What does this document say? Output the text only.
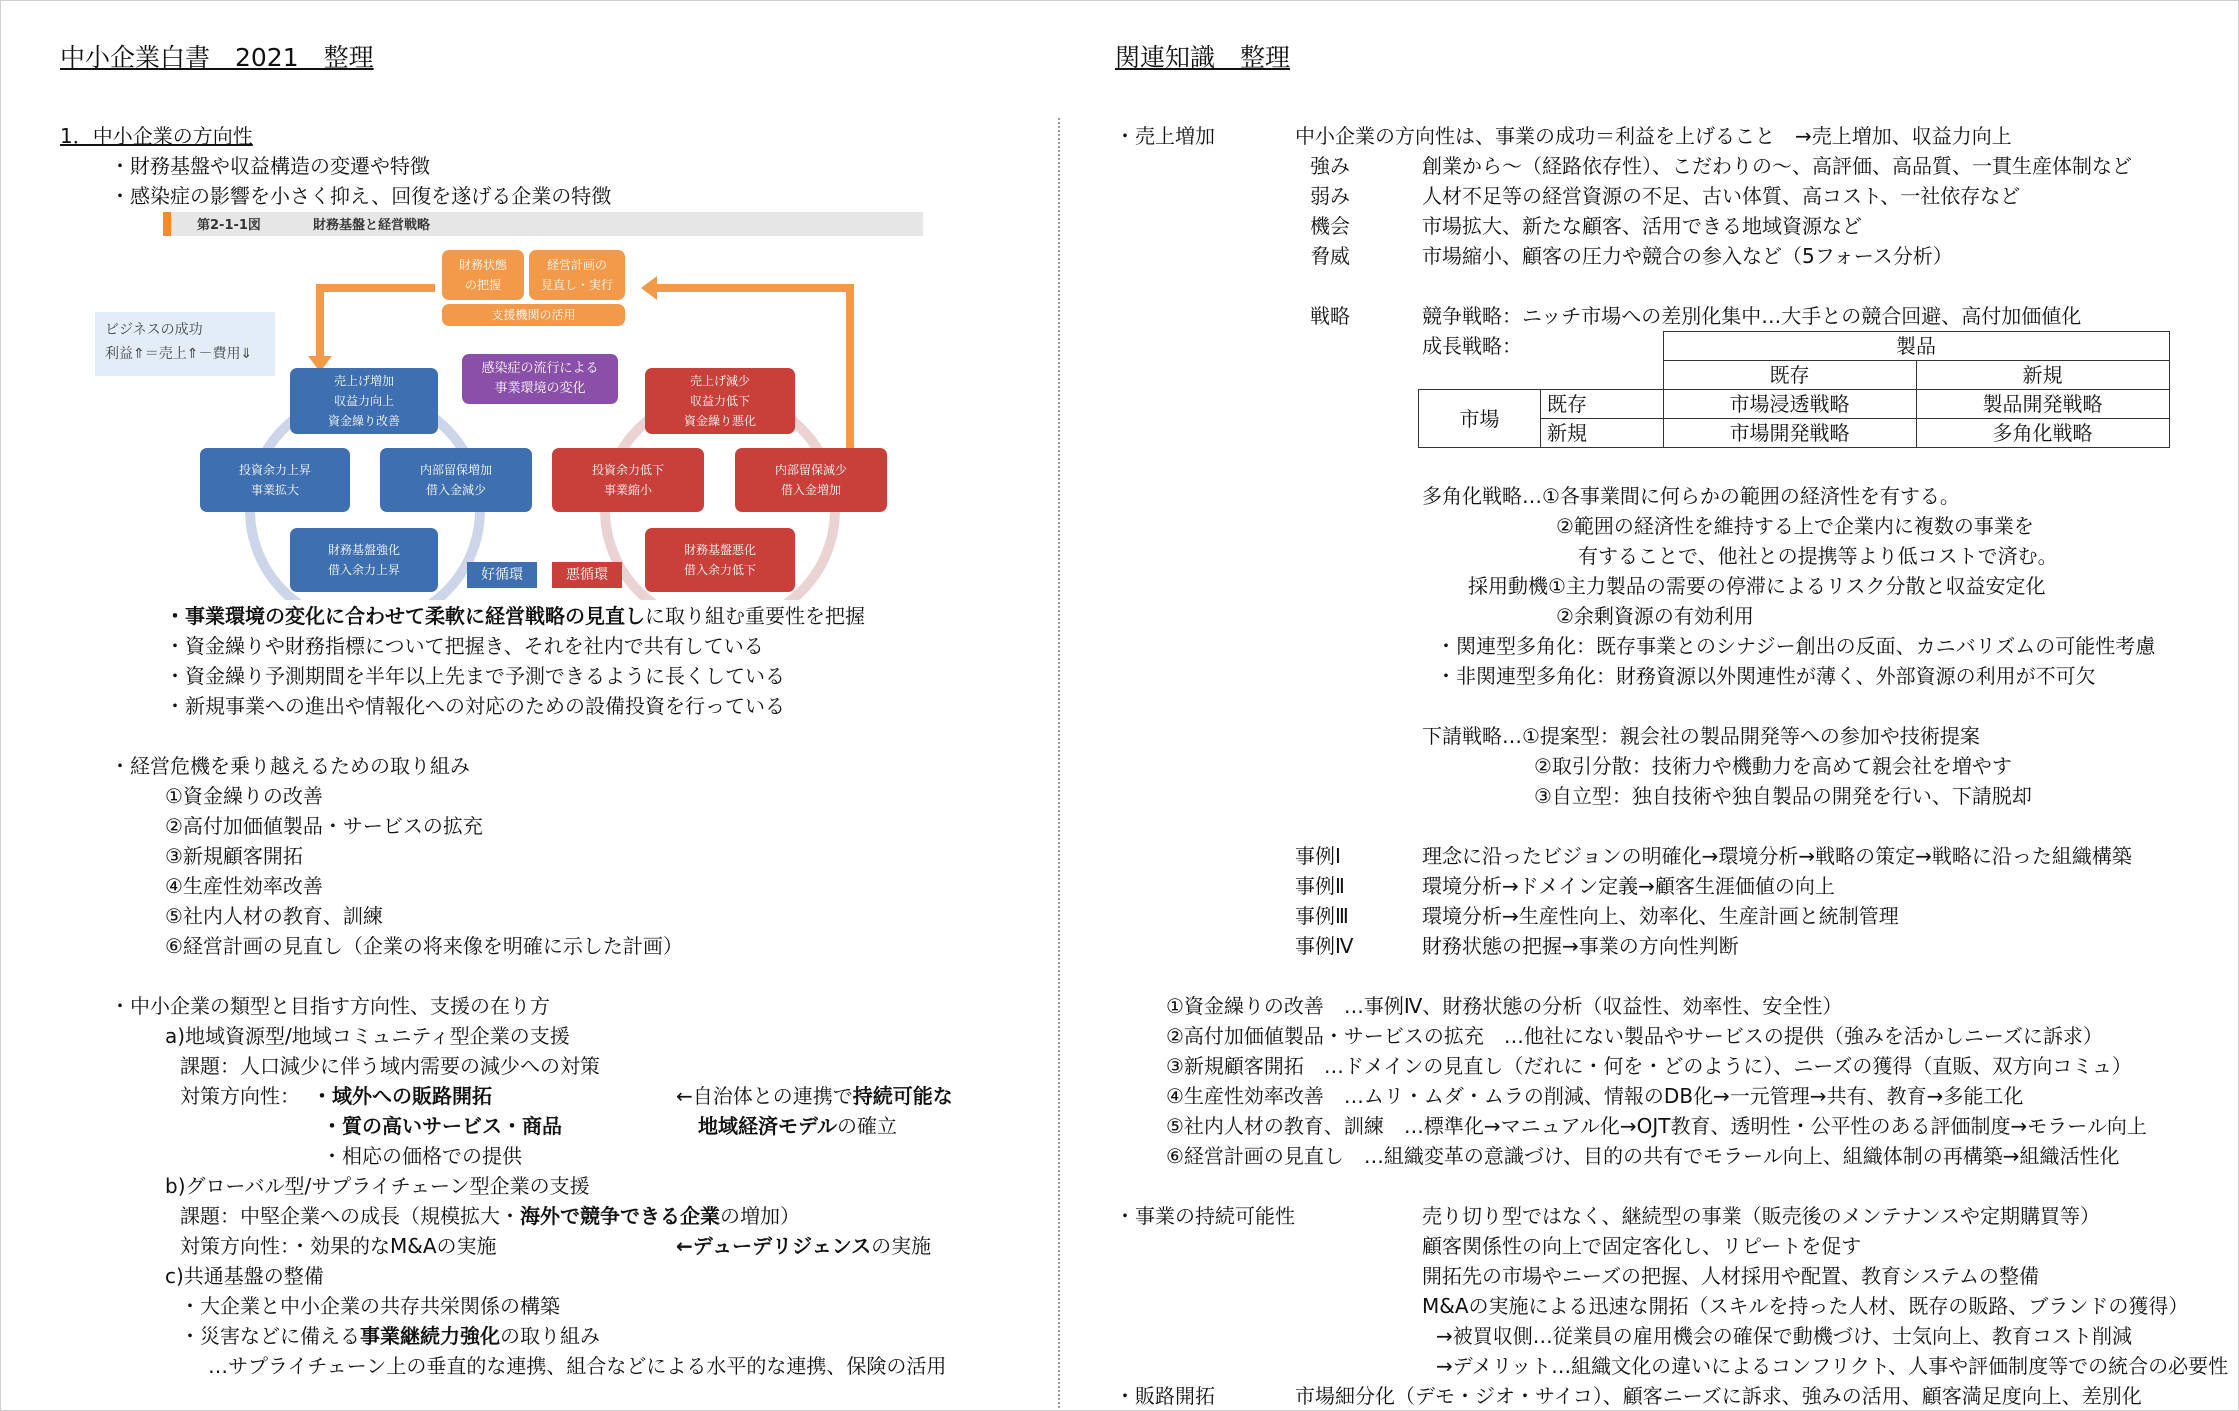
中小企業白書　2021　整理
1．中小企業の方向性
・財務基盤や収益構造の変遷や特徴
・感染症の影響を小さく抑え、回復を遂げる企業の特徴
第2-1-1図	財務基盤と経営戦略
ビジネスの成功
利益⇑＝売上⇑－費用⇓
財務状態
の把握
経営計画の
見直し・実行
支援機関の活用
感染症の流行による
事業環境の変化
売上げ増加
収益力向上
資金繰り改善
投資余力上昇
事業拡大
内部留保増加
借入金減少
財務基盤強化
借入余力上昇
売上げ減少
収益力低下
資金繰り悪化
投資余力低下
事業縮小
内部留保減少
借入金増加
財務基盤悪化
借入余力低下
好循環	悪循環
・事業環境の変化に合わせて柔軟に経営戦略の見直しに取り組む重要性を把握
・資金繰りや財務指標について把握き、それを社内で共有している
・資金繰り予測期間を半年以上先まで予測できるように長くしている
・新規事業への進出や情報化への対応のための設備投資を行っている
・経営危機を乗り越えるための取り組み
①資金繰りの改善
②高付加価値製品・サービスの拡充
③新規顧客開拓
④生産性効率改善
⑤社内人材の教育、訓練
⑥経営計画の見直し（企業の将来像を明確に示した計画）
・中小企業の類型と目指す方向性、支援の在り方
a)地域資源型/地域コミュニティ型企業の支援
課題：人口減少に伴う域内需要の減少への対策
対策方向性： ・域外への販路開拓
・質の高いサービス・商品
・相応の価格での提供
←自治体との連携で持続可能な
地域経済モデルの確立
b)グローバル型/サプライチェーン型企業の支援
課題：中堅企業への成長（規模拡大・海外で競争できる企業の増加）
対策方向性：・効果的なM&Aの実施	←デューデリジェンスの実施
c)共通基盤の整備
・大企業と中小企業の共存共栄関係の構築
・災害などに備える事業継続力強化の取り組み
…サプライチェーン上の垂直的な連携、組合などによる水平的な連携、保険の活用
関連知識　整理
・売上増加	中小企業の方向性は、事業の成功＝利益を上げること　→売上増加、収益力向上
強み	創業から～（経路依存性）、こだわりの～、高評価、高品質、一貫生産体制など
弱み	人材不足等の経営資源の不足、古い体質、高コスト、一社依存など
機会	市場拡大、新たな顧客、活用できる地域資源など
脅威	市場縮小、顧客の圧力や競合の参入など（5フォース分析）
戦略	競争戦略：ニッチ市場への差別化集中…大手との競合回避、高付加価値化
成長戦略：
			製品	
		既存	新規
市場	既存	市場浸透戦略	製品開発戦略
	新規	市場開発戦略	多角化戦略
多角化戦略…①各事業間に何らかの範囲の経済性を有する。
②範囲の経済性を維持する上で企業内に複数の事業を
有することで、他社との提携等より低コストで済む。
採用動機①主力製品の需要の停滞によるリスク分散と収益安定化
②余剰資源の有効利用
・関連型多角化：既存事業とのシナジー創出の反面、カニバリズムの可能性考慮
・非関連型多角化：財務資源以外関連性が薄く、外部資源の利用が不可欠
下請戦略…①提案型：親会社の製品開発等への参加や技術提案
②取引分散：技術力や機動力を高めて親会社を増やす
③自立型：独自技術や独自製品の開発を行い、下請脱却
事例Ⅰ	理念に沿ったビジョンの明確化→環境分析→戦略の策定→戦略に沿った組織構築
事例Ⅱ	環境分析→ドメイン定義→顧客生涯価値の向上
事例Ⅲ	環境分析→生産性向上、効率化、生産計画と統制管理
事例Ⅳ	財務状態の把握→事業の方向性判断
①資金繰りの改善　…事例Ⅳ、財務状態の分析（収益性、効率性、安全性）
②高付加価値製品・サービスの拡充　…他社にない製品やサービスの提供（強みを活かしニーズに訴求）
③新規顧客開拓　…ドメインの見直し（だれに・何を・どのように）、ニーズの獲得（直販、双方向コミュ）
④生産性効率改善　…ムリ・ムダ・ムラの削減、情報のDB化→一元管理→共有、教育→多能工化
⑤社内人材の教育、訓練　…標準化→マニュアル化→OJT教育、透明性・公平性のある評価制度→モラール向上
⑥経営計画の見直し　…組織変革の意識づけ、目的の共有でモラール向上、組織体制の再構築→組織活性化
・事業の持続可能性	売り切り型ではなく、継続型の事業（販売後のメンテナンスや定期購買等）
顧客関係性の向上で固定客化し、リピートを促す
開拓先の市場やニーズの把握、人材採用や配置、教育システムの整備
M&Aの実施による迅速な開拓（スキルを持った人材、既存の販路、ブランドの獲得）
→被買収側…従業員の雇用機会の確保で動機づけ、士気向上、教育コスト削減
→デメリット…組織文化の違いによるコンフリクト、人事や評価制度等での統合の必要性
・販路開拓	市場細分化（デモ・ジオ・サイコ）、顧客ニーズに訴求、強みの活用、顧客満足度向上、差別化
